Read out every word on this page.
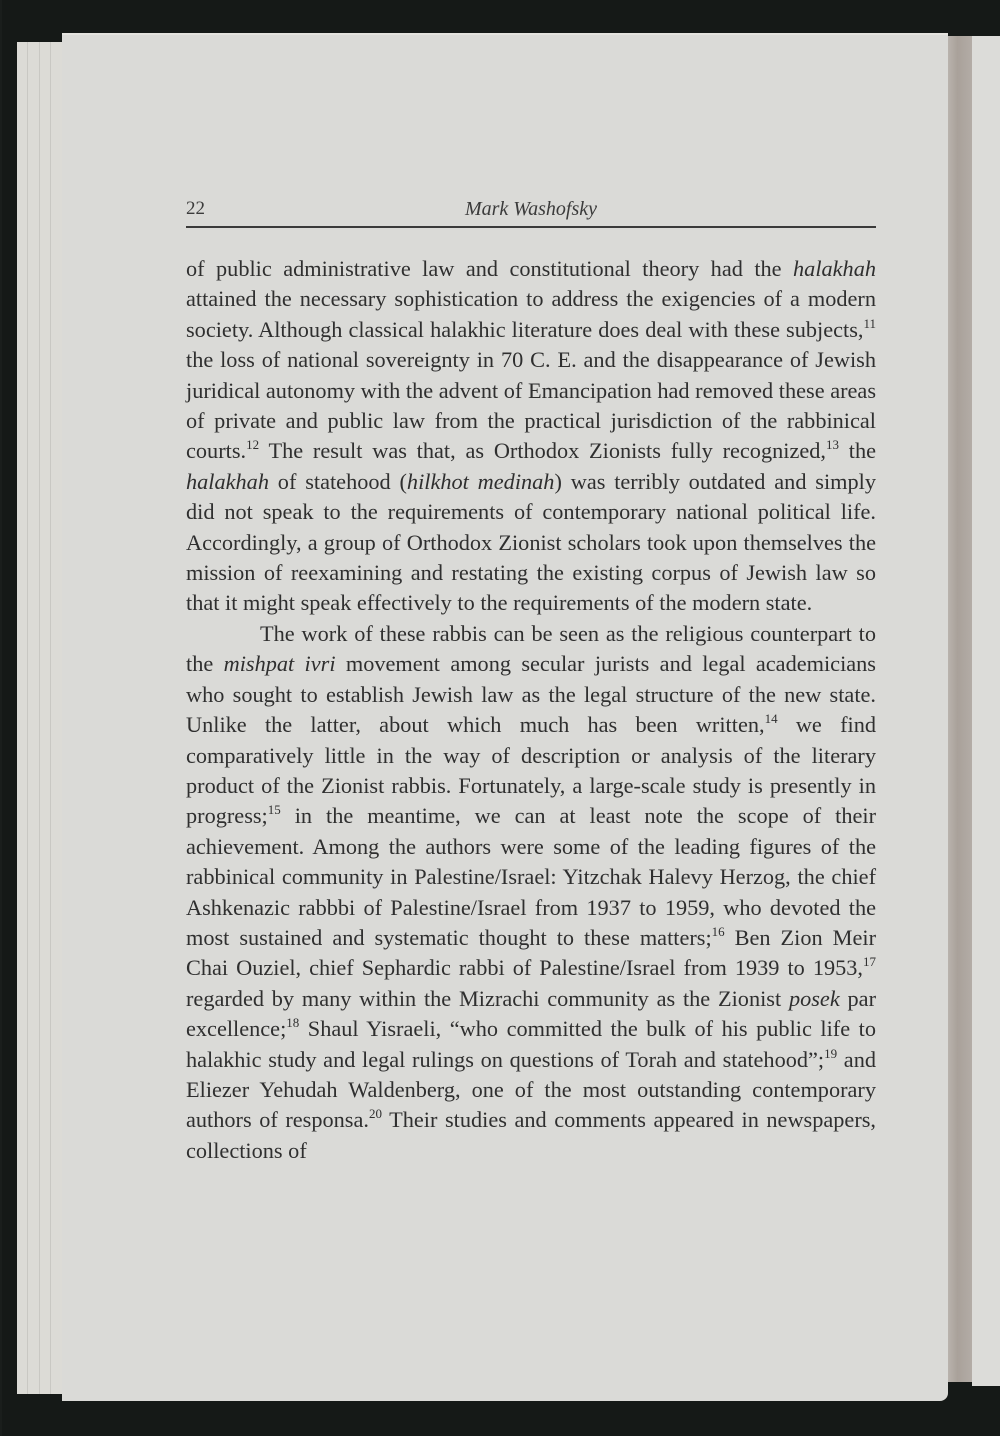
22	Mark Washofsky

of public administrative law and constitutional theory had the halakhah attained the necessary sophistication to address the exigencies of a modern society. Although classical halakhic literature does deal with these subjects,$^{11}$ the loss of national sovereignty in 70 C. E. and the disappearance of Jewish juridical autonomy with the advent of Emancipation had removed these areas of private and public law from the practical jurisdiction of the rabbinical courts.$^{12}$ The result was that, as Orthodox Zionists fully recognized,$^{13}$ the halakhah of statehood (hilkhot medinah) was terribly outdated and simply did not speak to the requirements of contemporary national political life. Accordingly, a group of Orthodox Zionist scholars took upon themselves the mission of reexamining and restating the existing corpus of Jewish law so that it might speak effectively to the requirements of the modern state.

The work of these rabbis can be seen as the religious counterpart to the mishpat ivri movement among secular jurists and legal academicians who sought to establish Jewish law as the legal structure of the new state. Unlike the latter, about which much has been written,$^{14}$ we find comparatively little in the way of description or analysis of the literary product of the Zionist rabbis. Fortunately, a large-scale study is presently in progress;$^{15}$ in the meantime, we can at least note the scope of their achievement. Among the authors were some of the leading figures of the rabbinical community in Palestine/Israel: Yitzchak Halevy Herzog, the chief Ashkenazic rabbbi of Palestine/Israel from 1937 to 1959, who devoted the most sustained and systematic thought to these matters;$^{16}$ Ben Zion Meir Chai Ouziel, chief Sephardic rabbi of Palestine/Israel from 1939 to 1953,17 regarded by many within the Mizrachi community as the Zionist posek par excellence;$^{18}$ Shaul Yisraeli, “who committed the bulk of his public life to halakhic study and legal rulings on questions of Torah and statehood”;$^{19}$ and Eliezer Yehudah Waldenberg, one of the most outstanding contemporary authors of responsa.$^{20}$ Their studies and comments appeared in newspapers, collections of
